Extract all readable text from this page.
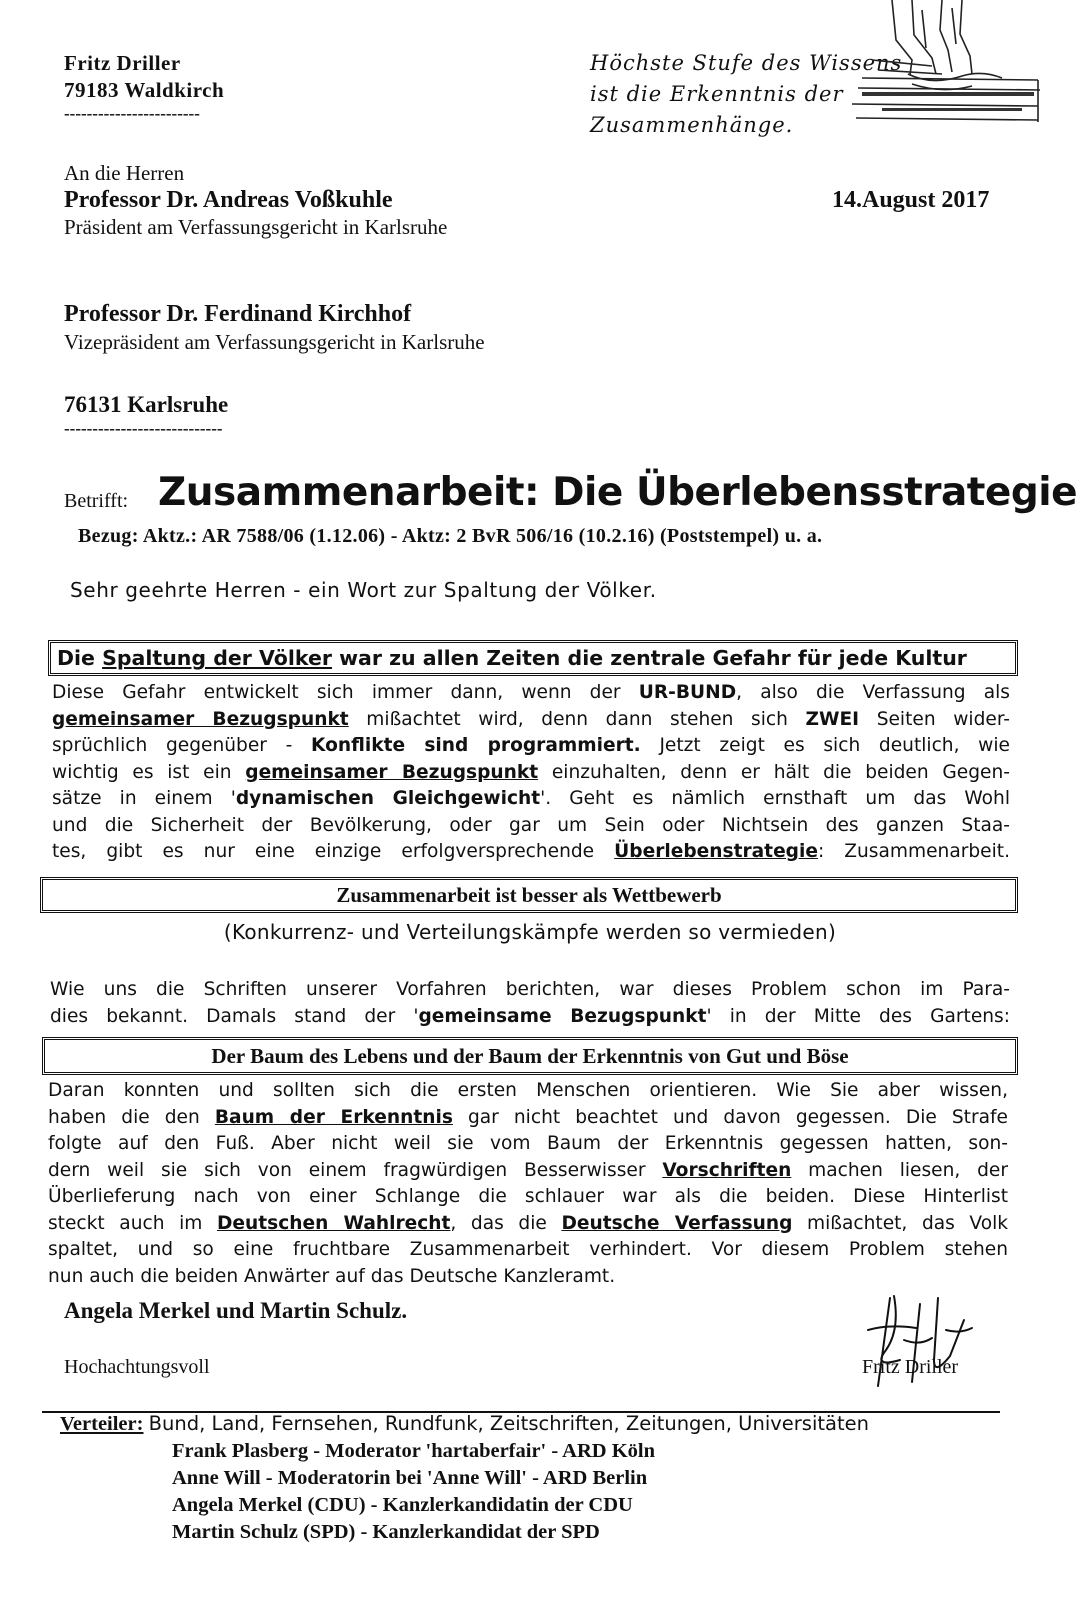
Fritz Driller
79183 Waldkirch
------------------------
Höchste Stufe des Wissens
ist die Erkenntnis der
Zusammenhänge.
An die Herren
Professor Dr. Andreas Voßkuhle
Präsident am Verfassungsgericht in Karlsruhe
14.August 2017
Professor Dr. Ferdinand Kirchhof
Vizepräsident am Verfassungsgericht in Karlsruhe
76131 Karlsruhe
----------------------------
Betrifft: Zusammenarbeit: Die Überlebensstrategie
Bezug: Aktz.: AR 7588/06 (1.12.06) - Aktz: 2 BvR 506/16 (10.2.16) (Poststempel) u. a.
Sehr geehrte Herren - ein Wort zur Spaltung der Völker.
Die Spaltung der Völker war zu allen Zeiten die zentrale Gefahr für jede Kultur
Diese Gefahr entwickelt sich immer dann, wenn der UR-BUND, also die Verfassung als
gemeinsamer Bezugspunkt mißachtet wird, denn dann stehen sich ZWEI Seiten wider-
sprüchlich gegenüber - Konflikte sind programmiert. Jetzt zeigt es sich deutlich, wie
wichtig es ist ein gemeinsamer Bezugspunkt einzuhalten, denn er hält die beiden Gegen-
sätze in einem 'dynamischen Gleichgewicht'. Geht es nämlich ernsthaft um das Wohl
und die Sicherheit der Bevölkerung, oder gar um Sein oder Nichtsein des ganzen Staa-
tes, gibt es nur eine einzige erfolgversprechende Überlebenstrategie: Zusammenarbeit.
Zusammenarbeit ist besser als Wettbewerb
(Konkurrenz- und Verteilungskämpfe werden so vermieden)
Wie uns die Schriften unserer Vorfahren berichten, war dieses Problem schon im Para-
dies bekannt. Damals stand der 'gemeinsame Bezugspunkt' in der Mitte des Gartens:
Der Baum des Lebens und der Baum der Erkenntnis von Gut und Böse
Daran konnten und sollten sich die ersten Menschen orientieren. Wie Sie aber wissen,
haben die den Baum der Erkenntnis gar nicht beachtet und davon gegessen. Die Strafe
folgte auf den Fuß. Aber nicht weil sie vom Baum der Erkenntnis gegessen hatten, son-
dern weil sie sich von einem fragwürdigen Besserwisser Vorschriften machen liesen, der
Überlieferung nach von einer Schlange die schlauer war als die beiden. Diese Hinterlist
steckt auch im Deutschen Wahlrecht, das die Deutsche Verfassung mißachtet, das Volk
spaltet, und so eine fruchtbare Zusammenarbeit verhindert. Vor diesem Problem stehen
nun auch die beiden Anwärter auf das Deutsche Kanzleramt.
Angela Merkel und Martin Schulz.
Hochachtungsvoll	Fritz Driller
Verteiler: Bund, Land, Fernsehen, Rundfunk, Zeitschriften, Zeitungen, Universitäten
Frank Plasberg - Moderator 'hartaberfair' - ARD Köln
Anne Will - Moderatorin bei 'Anne Will' - ARD Berlin
Angela Merkel (CDU) - Kanzlerkandidatin der CDU
Martin Schulz (SPD) - Kanzlerkandidat der SPD
